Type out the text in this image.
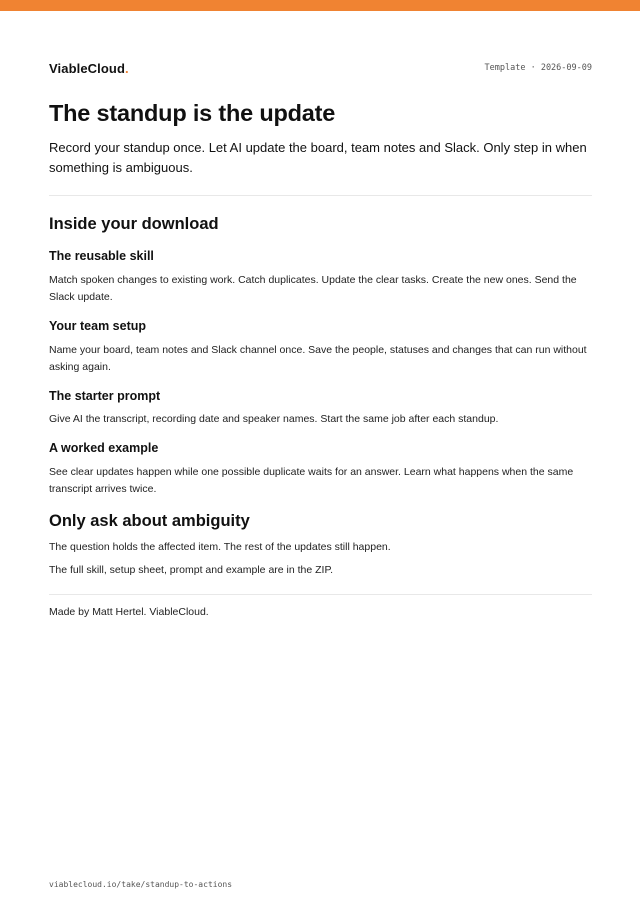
ViableCloud.	Template · 2026-09-09
The standup is the update

Record your standup once. Let AI update the board, team notes and Slack. Only step in when something is ambiguous.

Inside your download
The reusable skill

Match spoken changes to existing work. Catch duplicates. Update the clear tasks. Create the new ones. Send the Slack update.

Your team setup

Name your board, team notes and Slack channel once. Save the people, statuses and changes that can run without asking again.

The starter prompt

Give AI the transcript, recording date and speaker names. Start the same job after each standup.

A worked example

See clear updates happen while one possible duplicate waits for an answer. Learn what happens when the same transcript arrives twice.

Only ask about ambiguity

The question holds the affected item. The rest of the updates still happen.

The full skill, setup sheet, prompt and example are in the ZIP.

Made by Matt Hertel. ViableCloud.

viablecloud.io/take/standup-to-actions
